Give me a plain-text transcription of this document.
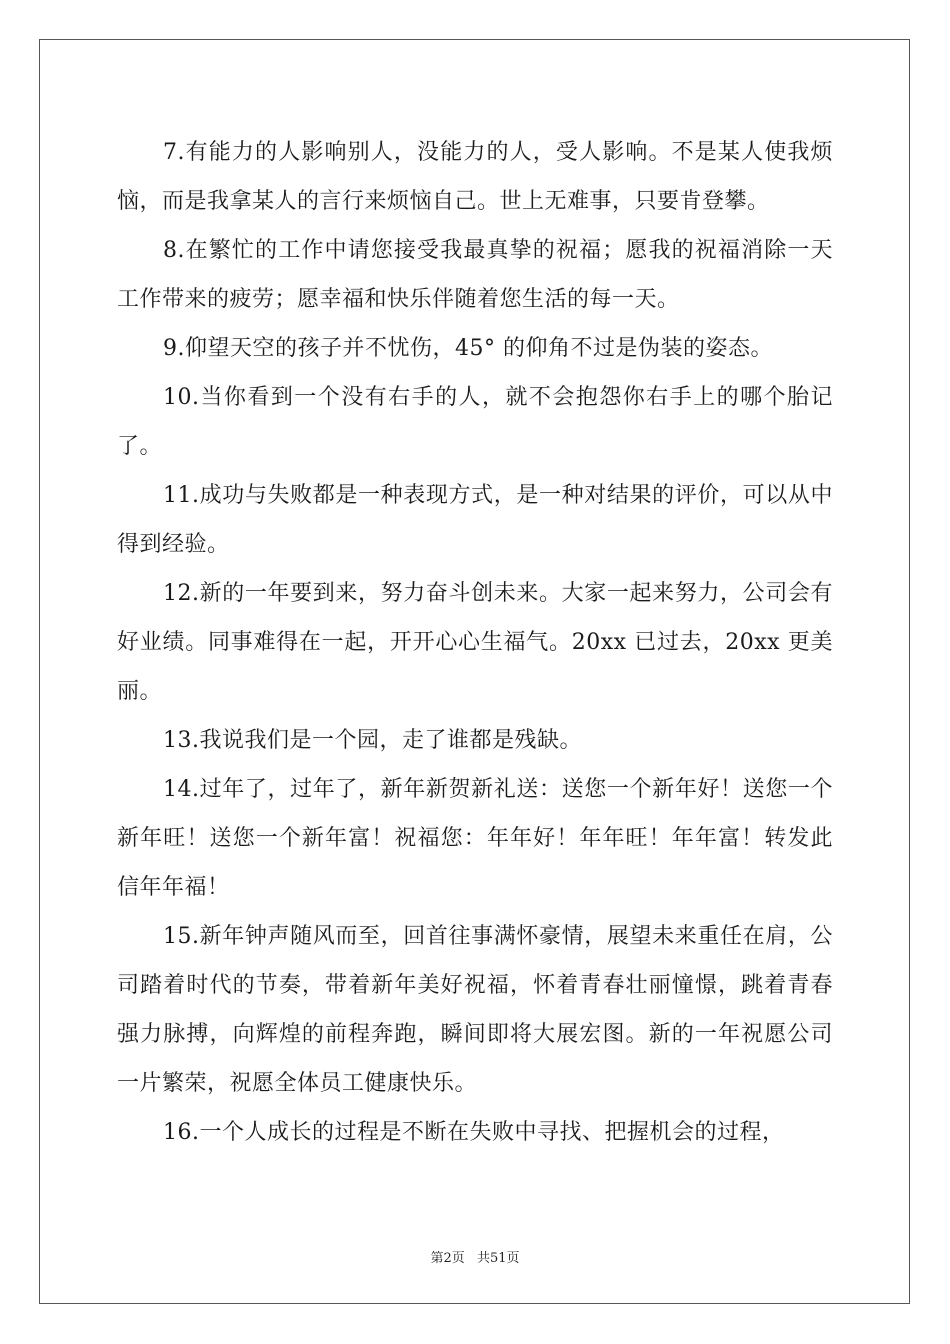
7.有能力的人影响别人，没能力的人，受人影响。不是某人使我烦恼，而是我拿某人的言行来烦恼自己。世上无难事，只要肯登攀。

8.在繁忙的工作中请您接受我最真挚的祝福；愿我的祝福消除一天工作带来的疲劳；愿幸福和快乐伴随着您生活的每一天。

9.仰望天空的孩子并不忧伤，45° 的仰角不过是伪装的姿态。

10.当你看到一个没有右手的人，就不会抱怨你右手上的哪个胎记了。

11.成功与失败都是一种表现方式，是一种对结果的评价，可以从中得到经验。

12.新的一年要到来，努力奋斗创未来。大家一起来努力，公司会有好业绩。同事难得在一起，开开心心生福气。20xx 已过去，20xx 更美丽。

13.我说我们是一个园，走了谁都是残缺。

14.过年了，过年了，新年新贺新礼送：送您一个新年好！送您一个新年旺！送您一个新年富！祝福您：年年好！年年旺！年年富！转发此信年年福！

15.新年钟声随风而至，回首往事满怀豪情，展望未来重任在肩，公司踏着时代的节奏，带着新年美好祝福，怀着青春壮丽憧憬，跳着青春强力脉搏，向辉煌的前程奔跑，瞬间即将大展宏图。新的一年祝愿公司一片繁荣，祝愿全体员工健康快乐。

16.一个人成长的过程是不断在失败中寻找、把握机会的过程，

第2页 共51页
